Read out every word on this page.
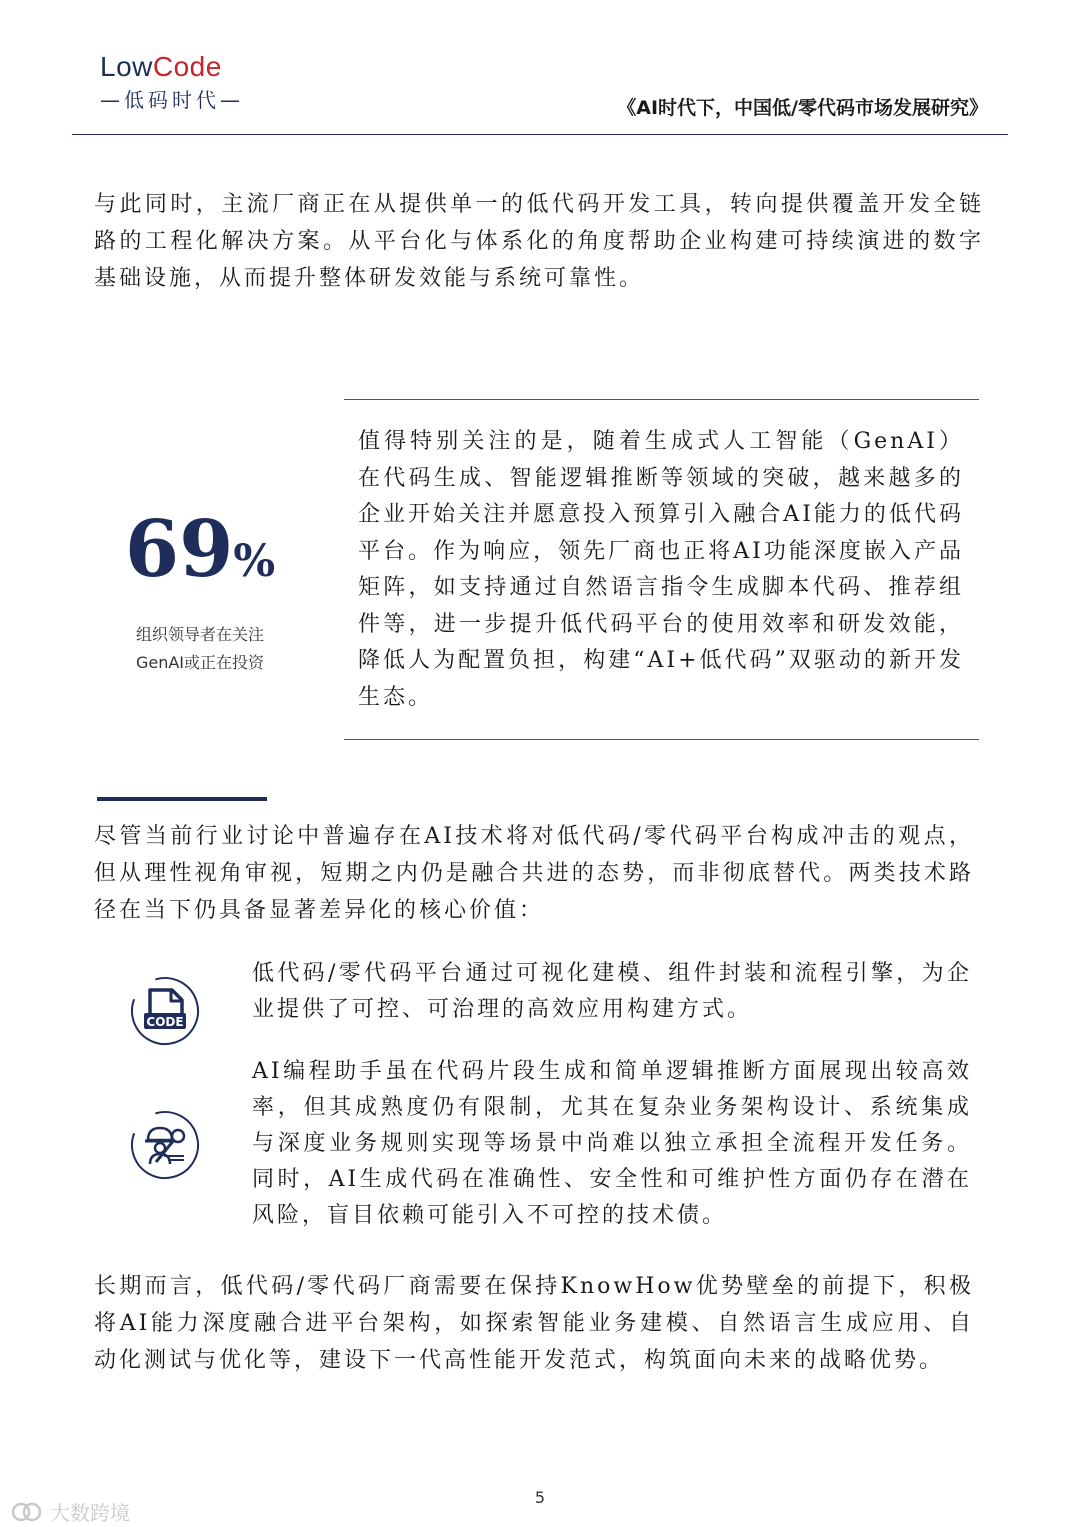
LowCode
—低码时代—	《AI时代下，中国低/零代码市场发展研究》
与此同时，主流厂商正在从提供单一的低代码开发工具，转向提供覆盖开发全链路的工程化解决方案。从平台化与体系化的角度帮助企业构建可持续演进的数字基础设施，从而提升整体研发效能与系统可靠性。
69%
组织领导者在关注
GenAI或正在投资
值得特别关注的是，随着生成式人工智能（GenAI）在代码生成、智能逻辑推断等领域的突破，越来越多的企业开始关注并愿意投入预算引入融合AI能力的低代码平台。作为响应，领先厂商也正将AI功能深度嵌入产品矩阵，如支持通过自然语言指令生成脚本代码、推荐组件等，进一步提升低代码平台的使用效率和研发效能，降低人为配置负担，构建“AI+低代码”双驱动的新开发生态。
尽管当前行业讨论中普遍存在AI技术将对低代码/零代码平台构成冲击的观点，但从理性视角审视，短期之内仍是融合共进的态势，而非彻底替代。两类技术路径在当下仍具备显著差异化的核心价值：
CODE
低代码/零代码平台通过可视化建模、组件封装和流程引擎，为企业提供了可控、可治理的高效应用构建方式。
AI编程助手虽在代码片段生成和简单逻辑推断方面展现出较高效率，但其成熟度仍有限制，尤其在复杂业务架构设计、系统集成与深度业务规则实现等场景中尚难以独立承担全流程开发任务。同时，AI生成代码在准确性、安全性和可维护性方面仍存在潜在风险，盲目依赖可能引入不可控的技术债。
长期而言，低代码/零代码厂商需要在保持KnowHow优势壁垒的前提下，积极将AI能力深度融合进平台架构，如探索智能业务建模、自然语言生成应用、自动化测试与优化等，建设下一代高性能开发范式，构筑面向未来的战略优势。
5
大数跨境
